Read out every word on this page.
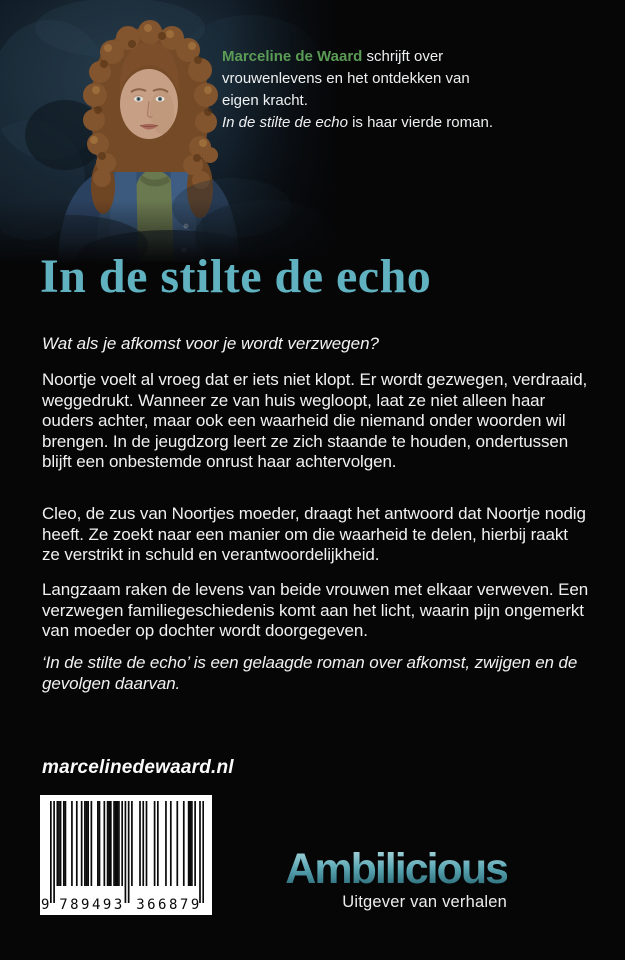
Marceline de Waard schrijft over
vrouwenlevens en het ontdekken van
eigen kracht.
In de stilte de echo is haar vierde roman.
In de stilte de echo
Wat als je afkomst voor je wordt verzwegen?

Noortje voelt al vroeg dat er iets niet klopt. Er wordt gezwegen, verdraaid, weggedrukt. Wanneer ze van huis wegloopt, laat ze niet alleen haar ouders achter, maar ook een waarheid die niemand onder woorden wil brengen. In de jeugdzorg leert ze zich staande te houden, ondertussen blijft een onbestemde onrust haar achtervolgen.

Cleo, de zus van Noortjes moeder, draagt het antwoord dat Noortje nodig heeft. Ze zoekt naar een manier om die waarheid te delen, hierbij raakt ze verstrikt in schuld en verantwoordelijkheid.

Langzaam raken de levens van beide vrouwen met elkaar verweven. Een verzwegen familiegeschiedenis komt aan het licht, waarin pijn ongemerkt van moeder op dochter wordt doorgegeven.

‘In de stilte de echo’ is een gelaagde roman over afkomst, zwijgen en de gevolgen daarvan.

marcelinedewaard.nl
9 789493 366879
Ambilicious
Uitgever van verhalen
